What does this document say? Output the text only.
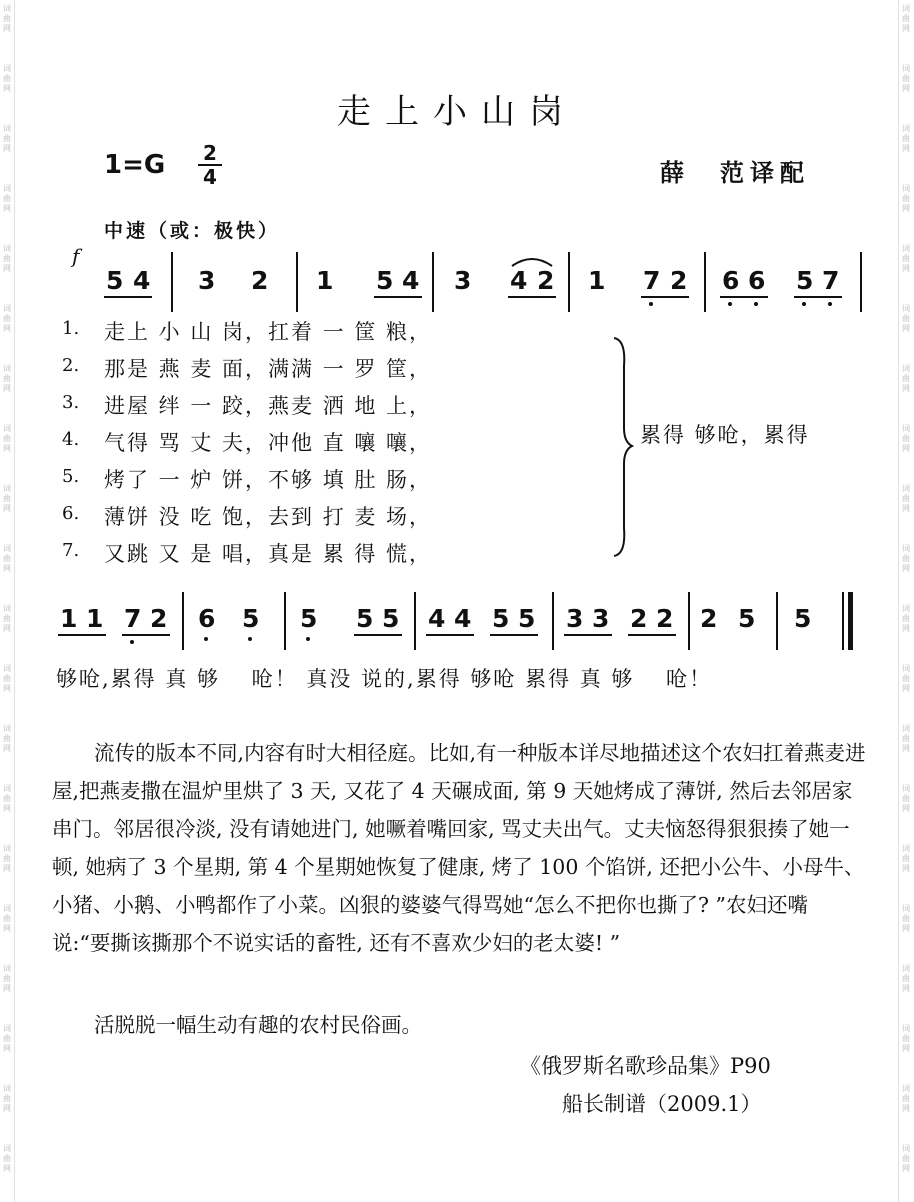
词
曲
网
词
曲
网
词
曲
网
词
曲
网
词
曲
网
词
曲
网
词
曲
网
词
曲
网
词
曲
网
词
曲
网
词
曲
网
词
曲
网
词
曲
网
词
曲
网
词
曲
网
词
曲
网
词
曲
网
词
曲
网
词
曲
网
词
曲
网
词
曲
网
词
曲
网
词
曲
网
词
曲
网
词
曲
网
词
曲
网
词
曲
网
词
曲
网
词
曲
网
词
曲
网
词
曲
网
词
曲
网
词
曲
网
词
曲
网
词
曲
网
词
曲
网
词
曲
网
词
曲
网
词
曲
网
词
曲
网
走上小山岗
$1=G \frac{2}{4}$	薛　范译配
中速（或：极快）
f
5 4 3 2 1 5 4 3 4 2 1 7 2 6 6 5 7
1. 走上 小 山 岗，扛着 一 筐 粮，
2. 那是 燕 麦 面，满满 一 罗 筐，
3. 进屋 绊 一 跤，燕麦 洒 地 上，
4. 气得 骂 丈 夫，冲他 直 嚷 嚷，
5. 烤了 一 炉 饼，不够 填 肚 肠，
6. 薄饼 没 吃 饱，去到 打 麦 场，
7. 又跳 又 是 唱，真是 累 得 慌，
累得 够呛，累得
1 1 7 2 6 5 5 5 5 4 4 5 5 3 3 2 2 2 5 5
够呛,累得 真 够 　呛！ 真没 说的,累得 够呛 累得 真 够 　呛！
流传的版本不同,内容有时大相径庭。比如,有一种版本详尽地描述这个农妇扛着燕麦进屋,把燕麦撒在温炉里烘了 3 天, 又花了 4 天碾成面, 第 9 天她烤成了薄饼, 然后去邻居家串门。邻居很冷淡, 没有请她进门, 她噘着嘴回家, 骂丈夫出气。丈夫恼怒得狠狠揍了她一顿, 她病了 3 个星期, 第 4 个星期她恢复了健康, 烤了 100 个馅饼, 还把小公牛、小母牛、小猪、小鹅、小鸭都作了小菜。凶狠的婆婆气得骂她“怎么不把你也撕了? ”农妇还嘴说:“要撕该撕那个不说实话的畜牲, 还有不喜欢少妇的老太婆! ”
活脱脱一幅生动有趣的农村民俗画。
《俄罗斯名歌珍品集》P90
船长制谱（2009.1）
